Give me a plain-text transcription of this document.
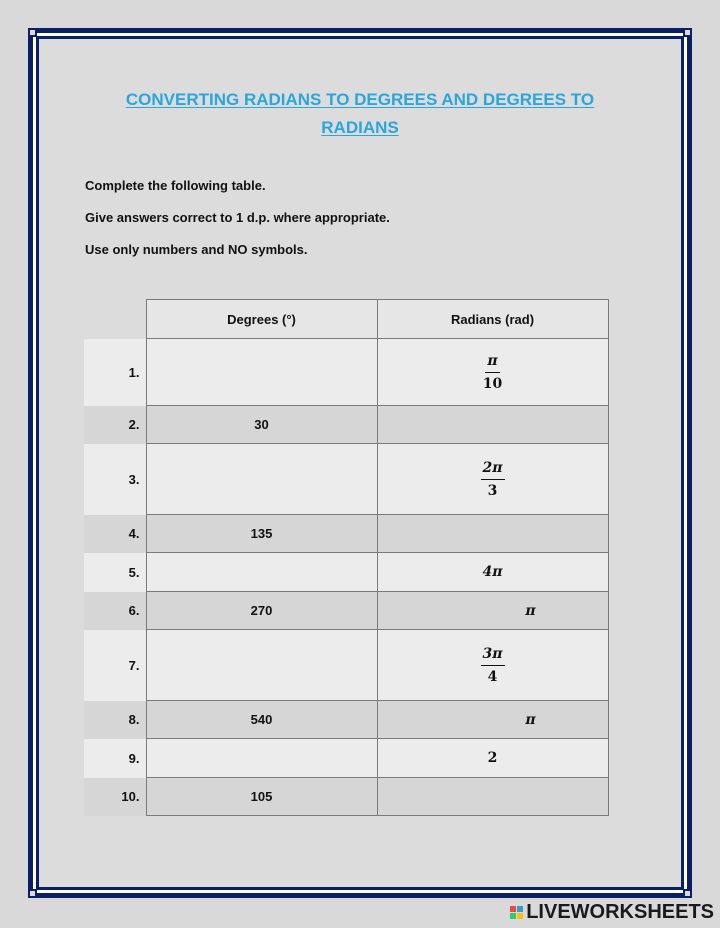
CONVERTING RADIANS TO DEGREES AND DEGREES TO
RADIANS
Complete the following table.
Give answers correct to 1 d.p. where appropriate.
Use only numbers and NO symbols.
	Degrees (°)	Radians (rad)
1.		$\frac{\pi}{10}$

2.	30	
3.		$\frac{2\pi}{3}$

4.	135	
5.		4π
6.	270	π
7.		$\frac{3\pi}{4}$

8.	540	π
9.		2
10.	105	
LIVEWORKSHEETS
